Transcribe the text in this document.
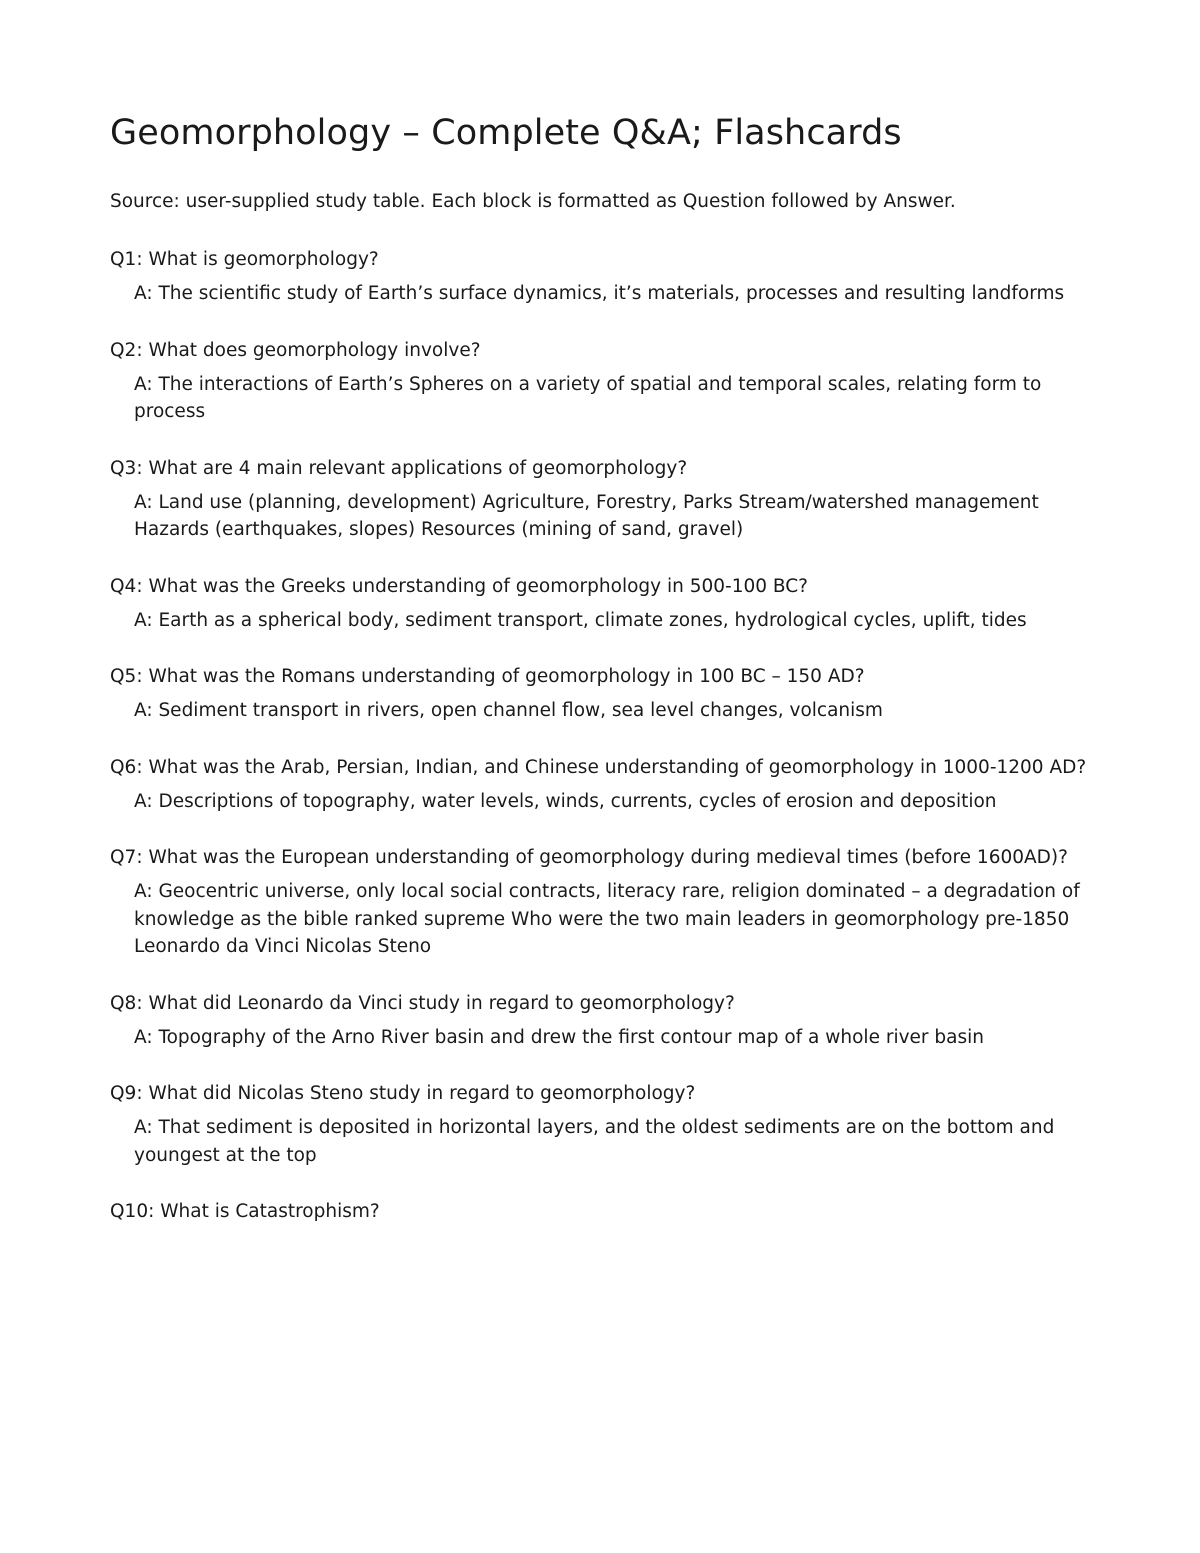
Geomorphology – Complete Q&A; Flashcards

Source: user-supplied study table. Each block is formatted as Question followed by Answer.

Q1: What is geomorphology?

A: The scientific study of Earth’s surface dynamics, it’s materials, processes and resulting landforms

Q2: What does geomorphology involve?

A: The interactions of Earth’s Spheres on a variety of spatial and temporal scales, relating form to process

Q3: What are 4 main relevant applications of geomorphology?

A: Land use (planning, development) Agriculture, Forestry, Parks Stream/watershed management Hazards (earthquakes, slopes) Resources (mining of sand, gravel)

Q4: What was the Greeks understanding of geomorphology in 500-100 BC?

A: Earth as a spherical body, sediment transport, climate zones, hydrological cycles, uplift, tides

Q5: What was the Romans understanding of geomorphology in 100 BC – 150 AD?

A: Sediment transport in rivers, open channel flow, sea level changes, volcanism

Q6: What was the Arab, Persian, Indian, and Chinese understanding of geomorphology in 1000-1200 AD?

A: Descriptions of topography, water levels, winds, currents, cycles of erosion and deposition

Q7: What was the European understanding of geomorphology during medieval times (before 1600AD)?

A: Geocentric universe, only local social contracts, literacy rare, religion dominated – a degradation of knowledge as the bible ranked supreme Who were the two main leaders in geomorphology pre-1850 Leonardo da Vinci Nicolas Steno

Q8: What did Leonardo da Vinci study in regard to geomorphology?

A: Topography of the Arno River basin and drew the first contour map of a whole river basin

Q9: What did Nicolas Steno study in regard to geomorphology?

A: That sediment is deposited in horizontal layers, and the oldest sediments are on the bottom and youngest at the top

Q10: What is Catastrophism?
